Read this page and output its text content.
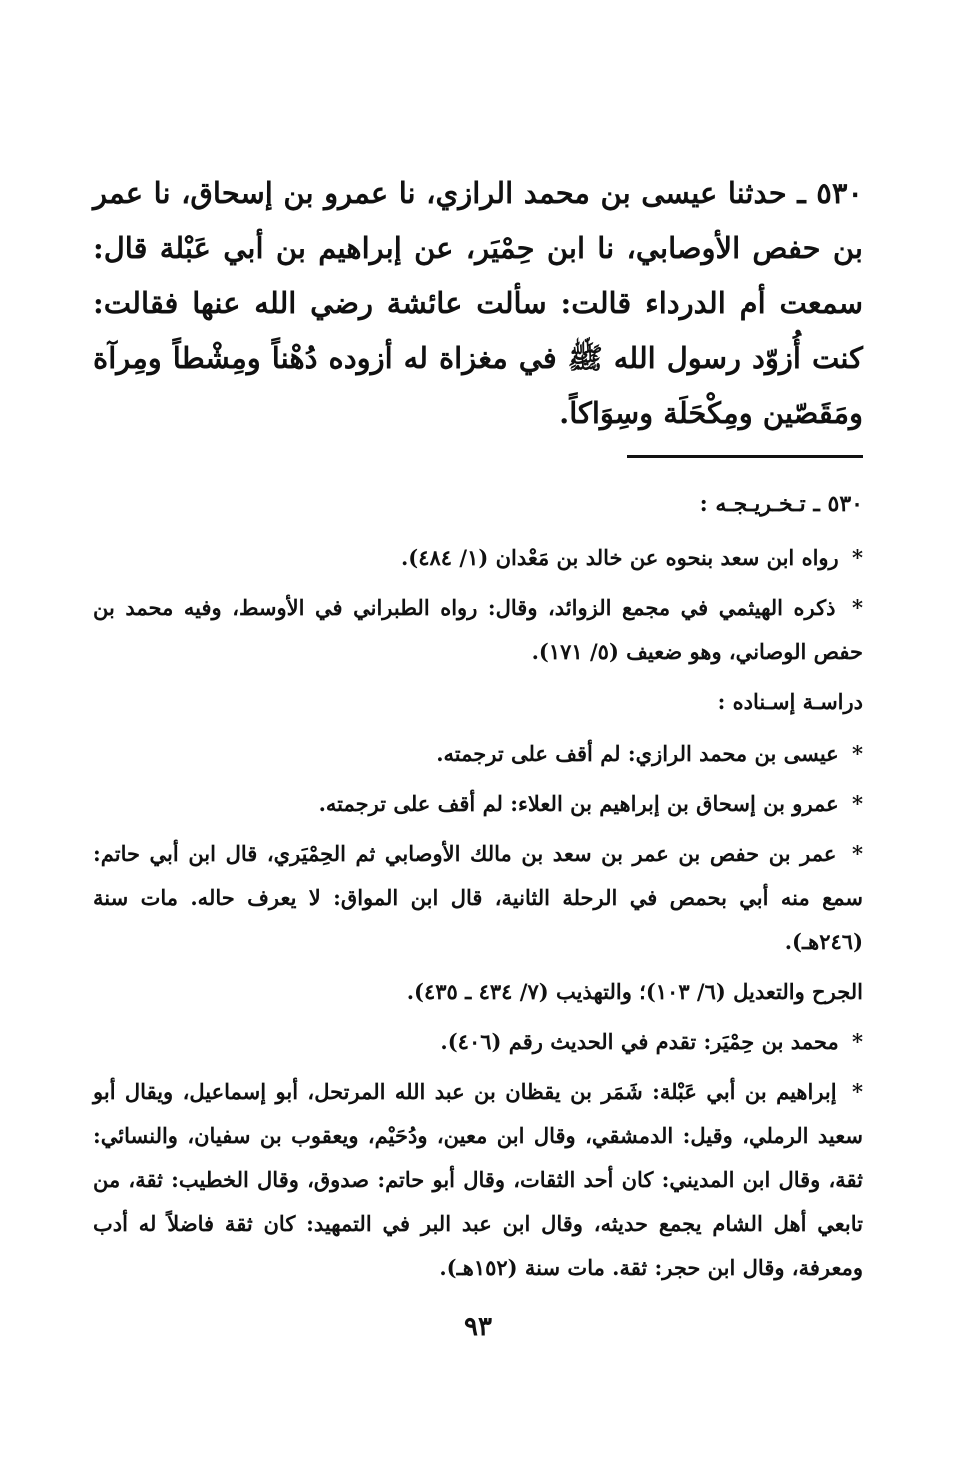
٥٣٠ ـ حدثنا عيسى بن محمد الرازي، نا عمرو بن إسحاق، نا عمر بن حفص الأوصابي، نا ابن حِمْيَر، عن إبراهيم بن أبي عَبْلة قال: سمعت أم الدرداء قالت: سألت عائشة رضي الله عنها فقالت: كنت أُزوّد رسول الله ﷺ في مغزاة له أزوده دُهْناً ومِشْطاً ومِرآة ومَقَصّين ومِكْحَلَة وسِوَاكاً.

٥٣٠ ـ تـخـريـجـه :

* رواه ابن سعد بنحوه عن خالد بن مَعْدان (١/ ٤٨٤).

* ذكره الهيثمي في مجمع الزوائد، وقال: رواه الطبراني في الأوسط، وفيه محمد بن حفص الوصاني، وهو ضعيف (٥/ ١٧١).

دراسـة إسـناده :

* عيسى بن محمد الرازي: لم أقف على ترجمته.

* عمرو بن إسحاق بن إبراهيم بن العلاء: لم أقف على ترجمته.

* عمر بن حفص بن عمر بن سعد بن مالك الأوصابي ثم الحِمْيَري، قال ابن أبي حاتم: سمع منه أبي بحمص في الرحلة الثانية، قال ابن المواق: لا يعرف حاله. مات سنة (٢٤٦هـ).

الجرح والتعديل (٦/ ١٠٣)؛ والتهذيب (٧/ ٤٣٤ ـ ٤٣٥).

* محمد بن حِمْيَر: تقدم في الحديث رقم (٤٠٦).

* إبراهيم بن أبي عَبْلة: شَمَر بن يقظان بن عبد الله المرتحل، أبو إسماعيل، ويقال أبو سعيد الرملي، وقيل: الدمشقي، وقال ابن معين، ودُحَيْم، ويعقوب بن سفيان، والنسائي: ثقة، وقال ابن المديني: كان أحد الثقات، وقال أبو حاتم: صدوق، وقال الخطيب: ثقة، من تابعي أهل الشام يجمع حديثه، وقال ابن عبد البر في التمهيد: كان ثقة فاضلاً له أدب ومعرفة، وقال ابن حجر: ثقة. مات سنة (١٥٢هـ).

٩٣
